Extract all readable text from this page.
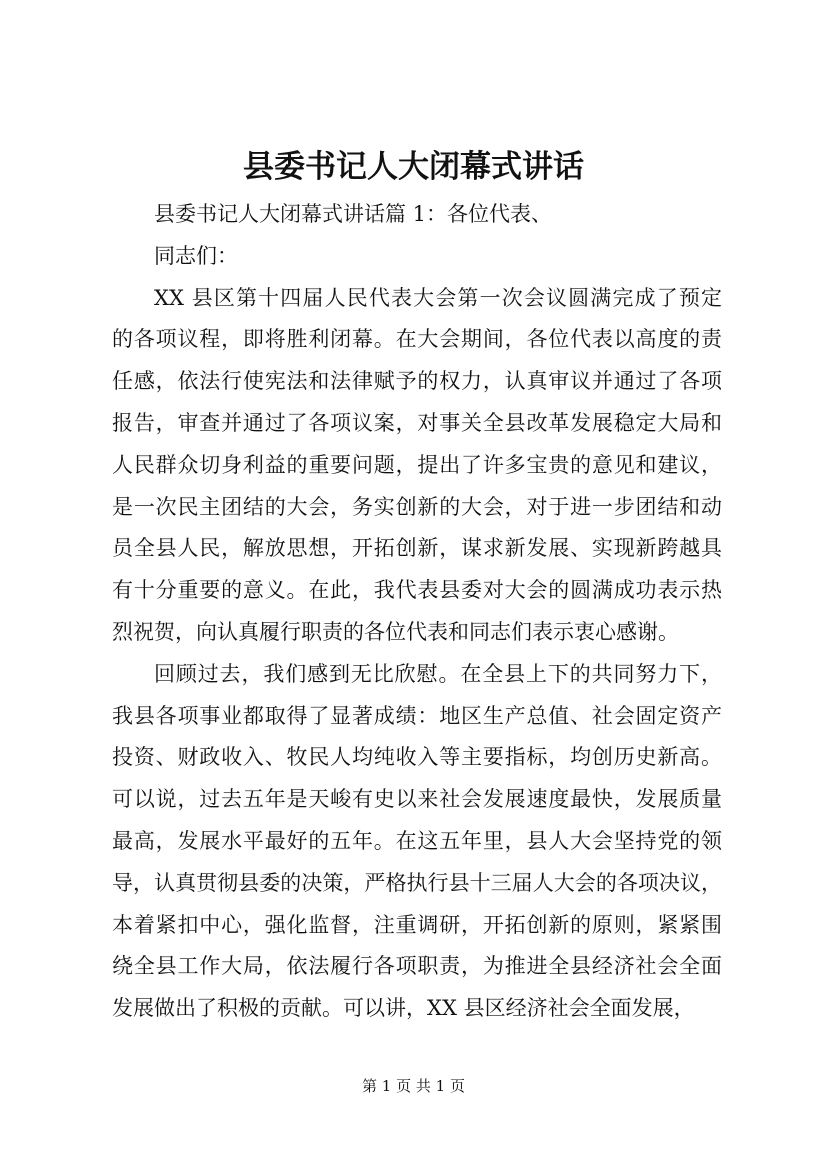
县委书记人大闭幕式讲话
县委书记人大闭幕式讲话篇 1：各位代表、
同志们：
XX 县区第十四届人民代表大会第一次会议圆满完成了预定
的各项议程，即将胜利闭幕。在大会期间，各位代表以高度的责
任感，依法行使宪法和法律赋予的权力，认真审议并通过了各项
报告，审查并通过了各项议案，对事关全县改革发展稳定大局和
人民群众切身利益的重要问题，提出了许多宝贵的意见和建议，
是一次民主团结的大会，务实创新的大会，对于进一步团结和动
员全县人民，解放思想，开拓创新，谋求新发展、实现新跨越具
有十分重要的意义。在此，我代表县委对大会的圆满成功表示热
烈祝贺，向认真履行职责的各位代表和同志们表示衷心感谢。
回顾过去，我们感到无比欣慰。在全县上下的共同努力下，
我县各项事业都取得了显著成绩：地区生产总值、社会固定资产
投资、财政收入、牧民人均纯收入等主要指标，均创历史新高。
可以说，过去五年是天峻有史以来社会发展速度最快，发展质量
最高，发展水平最好的五年。在这五年里，县人大会坚持党的领
导，认真贯彻县委的决策，严格执行县十三届人大会的各项决议，
本着紧扣中心，强化监督，注重调研，开拓创新的原则，紧紧围
绕全县工作大局，依法履行各项职责，为推进全县经济社会全面
发展做出了积极的贡献。可以讲，XX 县区经济社会全面发展，
第 1 页 共 1 页
